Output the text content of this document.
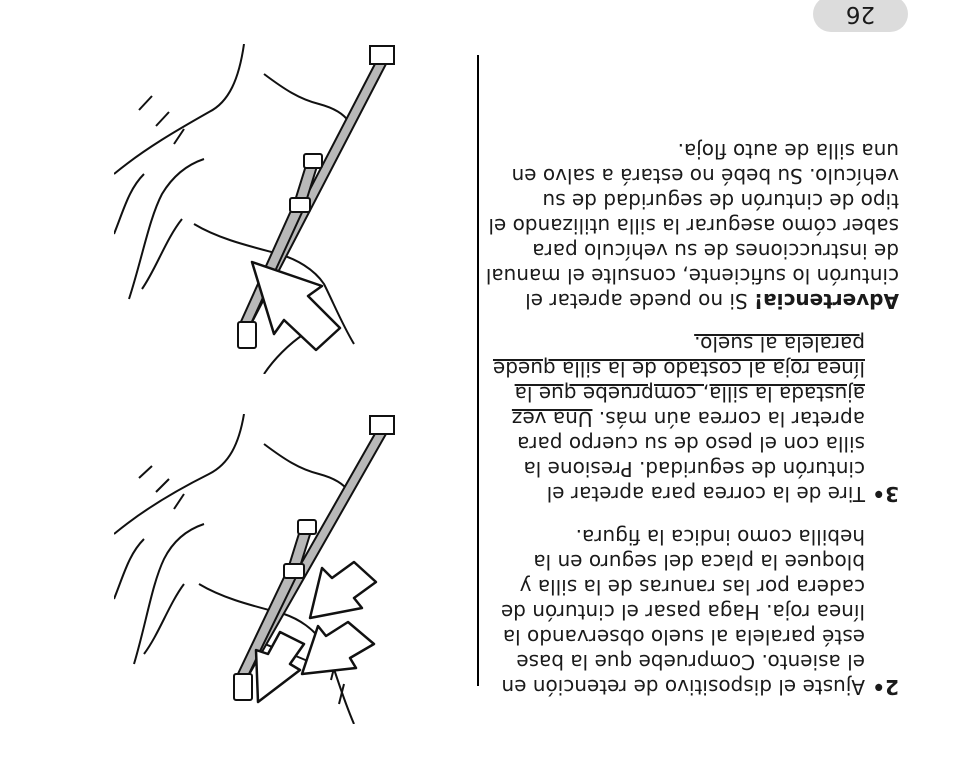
26
2•
Ajuste el dispositivo de retención en el asiento. Compruebe que la base esté paralela al suelo observando la línea roja. Haga pasar el cinturón de cadera por las ranuras de la silla y bloquee la placa del seguro en la hebilla como indica la figura.
3•
Tire de la correa para apretar el cinturón de seguridad. Presione la silla con el peso de su cuerpo para apretar la correa aún más. Una vez ajustada la silla, compruebe que la línea roja al costado de la silla quede paralela al suelo.
Advertencia! Si no puede apretar el cinturón lo suficiente, consulte el manual de instrucciones de su vehículo para saber cómo asegurar la silla utilizando el tipo de cinturón de seguridad de su vehículo. Su bebé no estará a salvo en una silla de auto floja.
